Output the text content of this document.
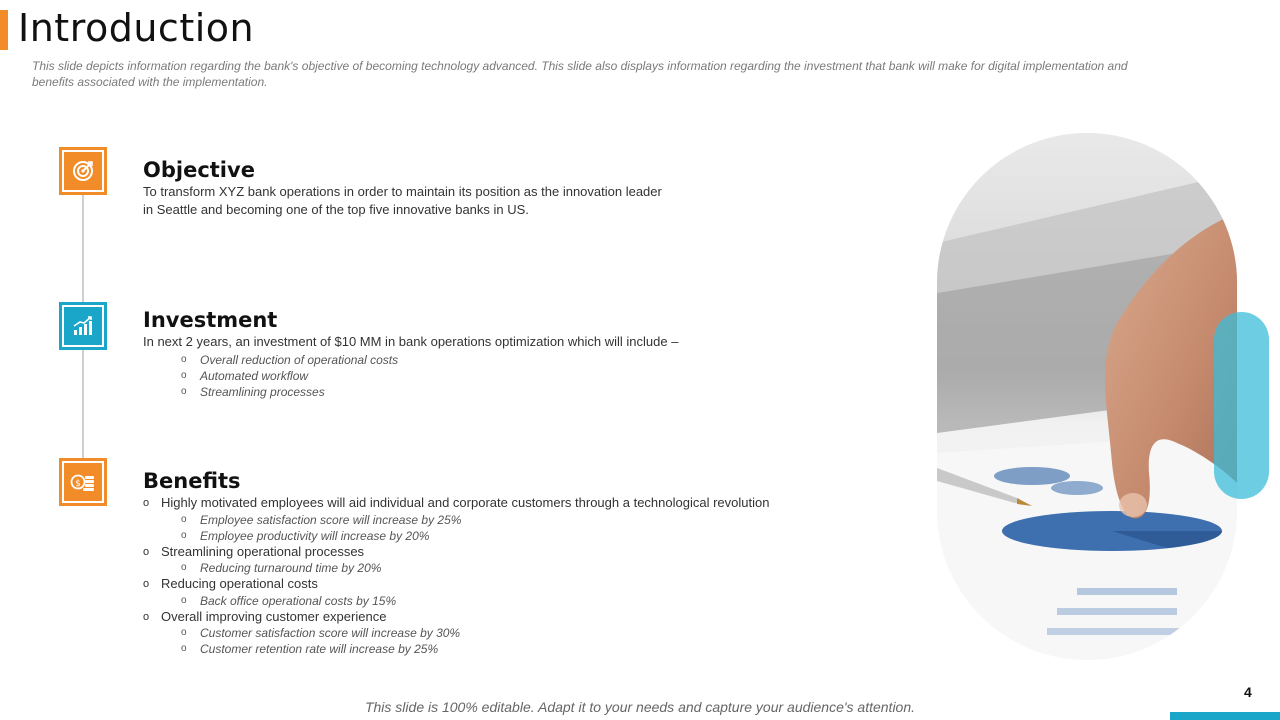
Introduction
This slide depicts information regarding the bank's objective of becoming technology advanced. This slide also displays information regarding the investment that bank will make for digital implementation and benefits associated with the implementation.
Objective
To transform XYZ bank operations in order to maintain its position as the innovation leader
in Seattle and becoming one of the top five innovative banks in US.
Investment
In next 2 years, an investment of $10 MM in bank operations optimization which will include –
o Overall reduction of operational costs
o Automated workflow
o Streamlining processes
$	Benefits
o Highly motivated employees will aid individual and corporate customers through a technological revolution
o Employee satisfaction score will increase by 25%
o Employee productivity will increase by 20%
o Streamlining operational processes
o Reducing turnaround time by 20%
o Reducing operational costs
o Back office operational costs by 15%
o Overall improving customer experience
o Customer satisfaction score will increase by 30%
o Customer retention rate will increase by 25%
4
This slide is 100% editable. Adapt it to your needs and capture your audience's attention.
